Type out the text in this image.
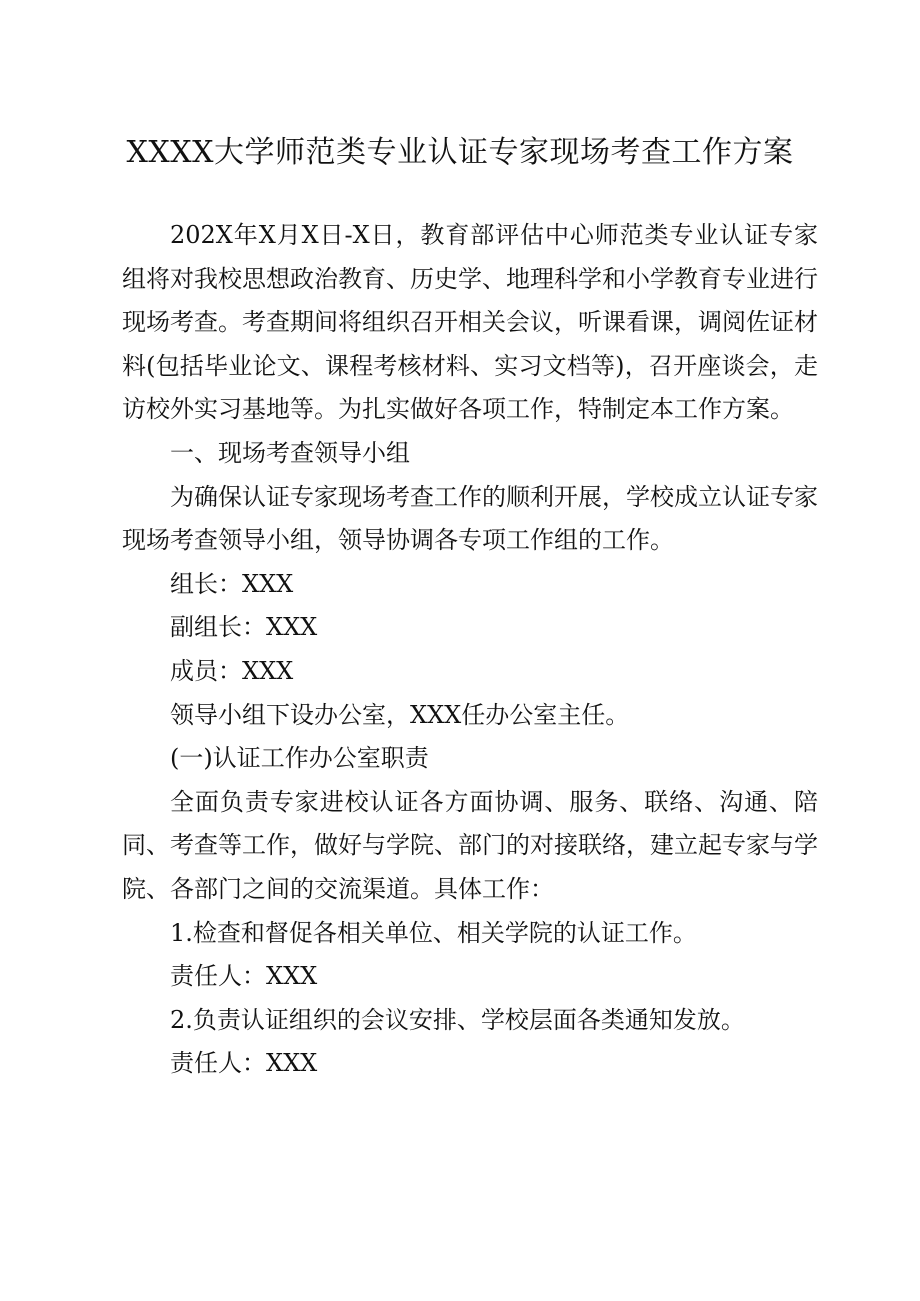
XXXX大学师范类专业认证专家现场考查工作方案

202X年X月X日-X日，教育部评估中心师范类专业认证专家组将对我校思想政治教育、历史学、地理科学和小学教育专业进行现场考查。考查期间将组织召开相关会议，听课看课，调阅佐证材料(包括毕业论文、课程考核材料、实习文档等)，召开座谈会，走访校外实习基地等。为扎实做好各项工作，特制定本工作方案。

一、现场考查领导小组

为确保认证专家现场考查工作的顺利开展，学校成立认证专家现场考查领导小组，领导协调各专项工作组的工作。

组长：XXX

副组长：XXX

成员：XXX

领导小组下设办公室，XXX任办公室主任。

(一)认证工作办公室职责

全面负责专家进校认证各方面协调、服务、联络、沟通、陪同、考查等工作，做好与学院、部门的对接联络，建立起专家与学院、各部门之间的交流渠道。具体工作：

1.检查和督促各相关单位、相关学院的认证工作。

责任人：XXX

2.负责认证组织的会议安排、学校层面各类通知发放。

责任人：XXX
